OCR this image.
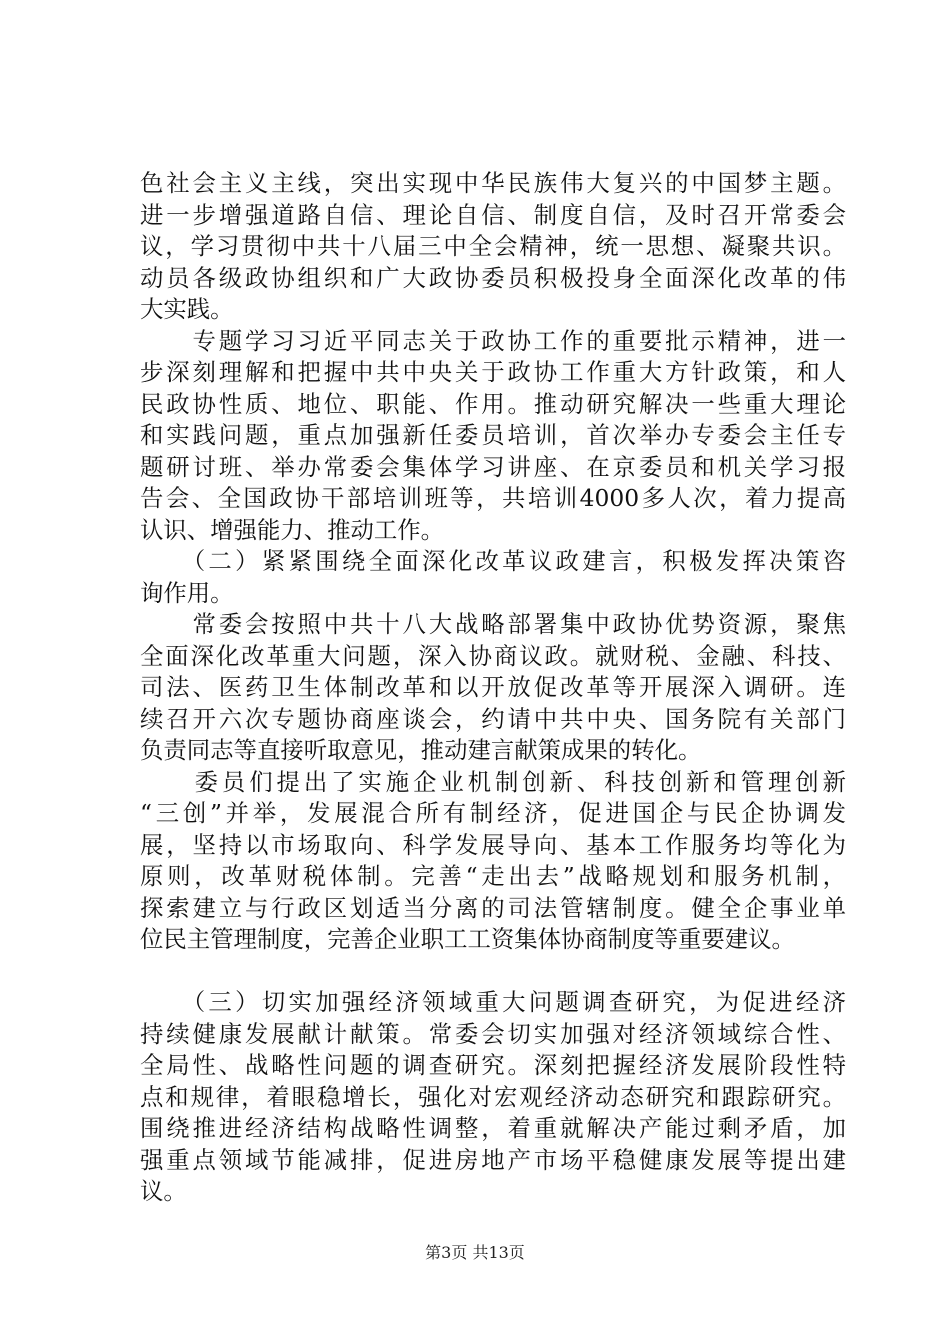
色社会主义主线，突出实现中华民族伟大复兴的中国梦主题。
进一步增强道路自信、理论自信、制度自信，及时召开常委会
议，学习贯彻中共十八届三中全会精神，统一思想、凝聚共识。
动员各级政协组织和广大政协委员积极投身全面深化改革的伟
大实践。
　　专题学习习近平同志关于政协工作的重要批示精神，进一
步深刻理解和把握中共中央关于政协工作重大方针政策，和人
民政协性质、地位、职能、作用。推动研究解决一些重大理论
和实践问题，重点加强新任委员培训，首次举办专委会主任专
题研讨班、举办常委会集体学习讲座、在京委员和机关学习报
告会、全国政协干部培训班等，共培训4000多人次，着力提高
认识、增强能力、推动工作。
　　（二）紧紧围绕全面深化改革议政建言，积极发挥决策咨
询作用。
　　常委会按照中共十八大战略部署集中政协优势资源，聚焦
全面深化改革重大问题，深入协商议政。就财税、金融、科技、
司法、医药卫生体制改革和以开放促改革等开展深入调研。连
续召开六次专题协商座谈会，约请中共中央、国务院有关部门
负责同志等直接听取意见，推动建言献策成果的转化。
　　委员们提出了实施企业机制创新、科技创新和管理创新
“三创”并举，发展混合所有制经济，促进国企与民企协调发
展，坚持以市场取向、科学发展导向、基本工作服务均等化为
原则，改革财税体制。完善“走出去”战略规划和服务机制，
探索建立与行政区划适当分离的司法管辖制度。健全企事业单
位民主管理制度，完善企业职工工资集体协商制度等重要建议。
　　（三）切实加强经济领域重大问题调查研究，为促进经济
持续健康发展献计献策。常委会切实加强对经济领域综合性、
全局性、战略性问题的调查研究。深刻把握经济发展阶段性特
点和规律，着眼稳增长，强化对宏观经济动态研究和跟踪研究。
围绕推进经济结构战略性调整，着重就解决产能过剩矛盾，加
强重点领域节能减排，促进房地产市场平稳健康发展等提出建
议。
第3页 共13页
